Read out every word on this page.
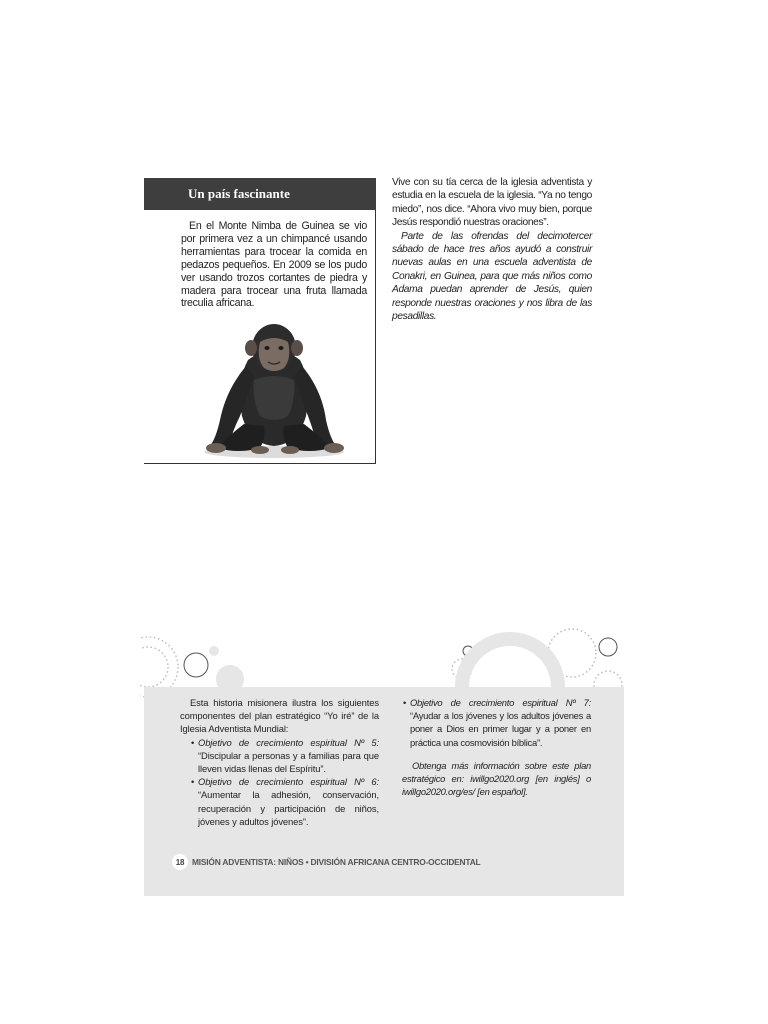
Un país fascinante

En el Monte Nimba de Guinea se vio por primera vez a un chimpancé usando herramientas para trocear la comida en pedazos pequeños. En 2009 se los pudo ver usando trozos cortantes de piedra y madera para trocear una fruta llamada treculia africana.

Vive con su tía cerca de la iglesia adventista y estudia en la escuela de la iglesia. “Ya no tengo miedo”, nos dice. “Ahora vivo muy bien, porque Jesús respondió nuestras oraciones”.

Parte de las ofrendas del decimotercer sábado de hace tres años ayudó a construir nuevas aulas en una escuela adventista de Conakri, en Guinea, para que más niños como Adama puedan aprender de Jesús, quien responde nuestras oraciones y nos libra de las pesadillas.

Esta historia misionera ilustra los siguientes componentes del plan estratégico “Yo iré” de la Iglesia Adventista Mundial:

• Objetivo de crecimiento espiritual Nº 5: “Discipular a personas y a familias para que lleven vidas llenas del Espíritu”.
• Objetivo de crecimiento espiritual Nº 6: “Aumentar la adhesión, conservación, recuperación y participación de niños, jóvenes y adultos jóvenes”.
• Objetivo de crecimiento espiritual Nº 7: “Ayudar a los jóvenes y los adultos jóvenes a poner a Dios en primer lugar y a poner en práctica una cosmovisión bíblica”.

Obtenga más información sobre este plan estratégico en: iwillgo2020.org [en inglés] o iwillgo2020.org/es/ [en español].

18 MISIÓN ADVENTISTA: NIÑOS • DIVISIÓN AFRICANA CENTRO-OCCIDENTAL
